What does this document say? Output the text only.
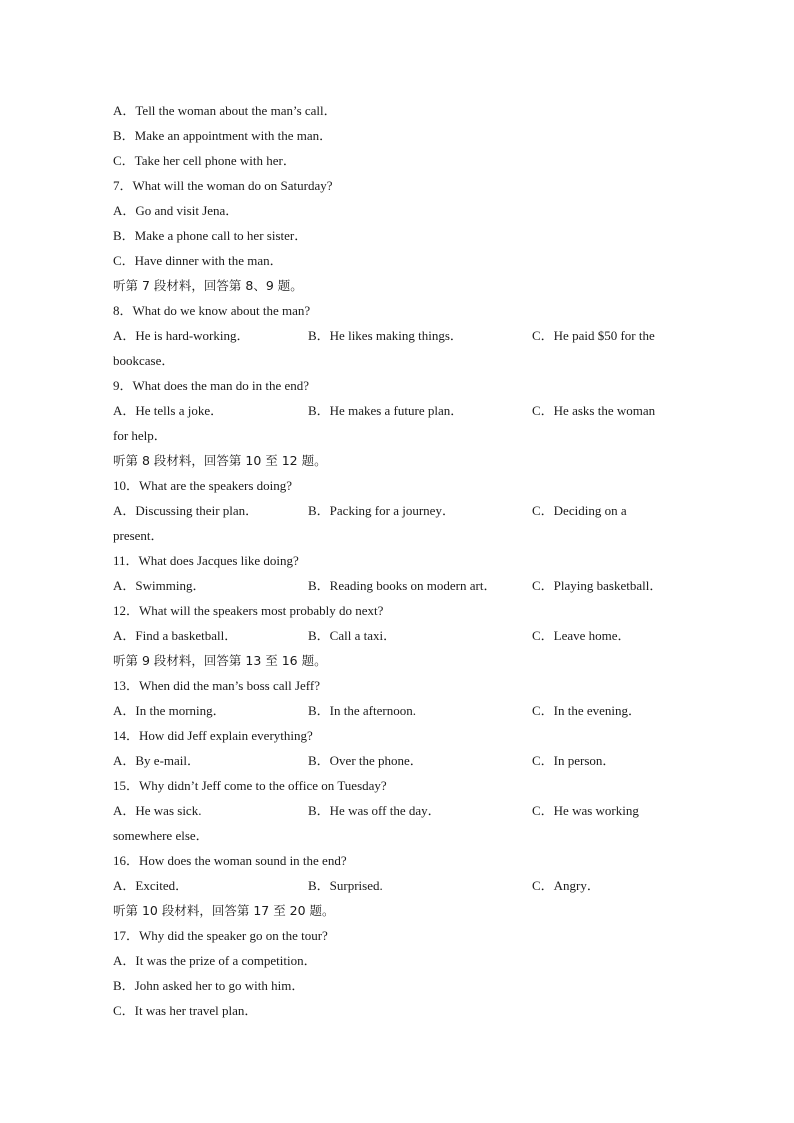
A．Tell the woman about the man’s call．
B．Make an appointment with the man．
C．Take her cell phone with her．
7．What will the woman do on Saturday?
A．Go and visit Jena．
B．Make a phone call to her sister．
C．Have dinner with the man．
听第 7 段材料，回答第 8、9 题。
8．What do we know about the man?
A．He is hard-working．	B．He likes making things．	C．He paid $50 for the
bookcase．
9．What does the man do in the end?
A．He tells a joke．	B．He makes a future plan．	C．He asks the woman
for help．
听第 8 段材料，回答第 10 至 12 题。
10．What are the speakers doing?
A．Discussing their plan．	B．Packing for a journey．	C．Deciding on a
present．
11．What does Jacques like doing?
A．Swimming．	B．Reading books on modern art．	C．Playing basketball．
12．What will the speakers most probably do next?
A．Find a basketball．	B．Call a taxi．	C．Leave home．
听第 9 段材料，回答第 13 至 16 题。
13．When did the man’s boss call Jeff?
A．In the morning．	B．In the afternoon.	C．In the evening．
14．How did Jeff explain everything?
A．By e-mail．	B．Over the phone．	C．In person．
15．Why didn’t Jeff come to the office on Tuesday?
A．He was sick.	B．He was off the day．	C．He was working
somewhere else．
16．How does the woman sound in the end?
A．Excited．	B．Surprised.	C．Angry．
听第 10 段材料，回答第 17 至 20 题。
17．Why did the speaker go on the tour?
A．It was the prize of a competition．
B．John asked her to go with him．
C．It was her travel plan．
